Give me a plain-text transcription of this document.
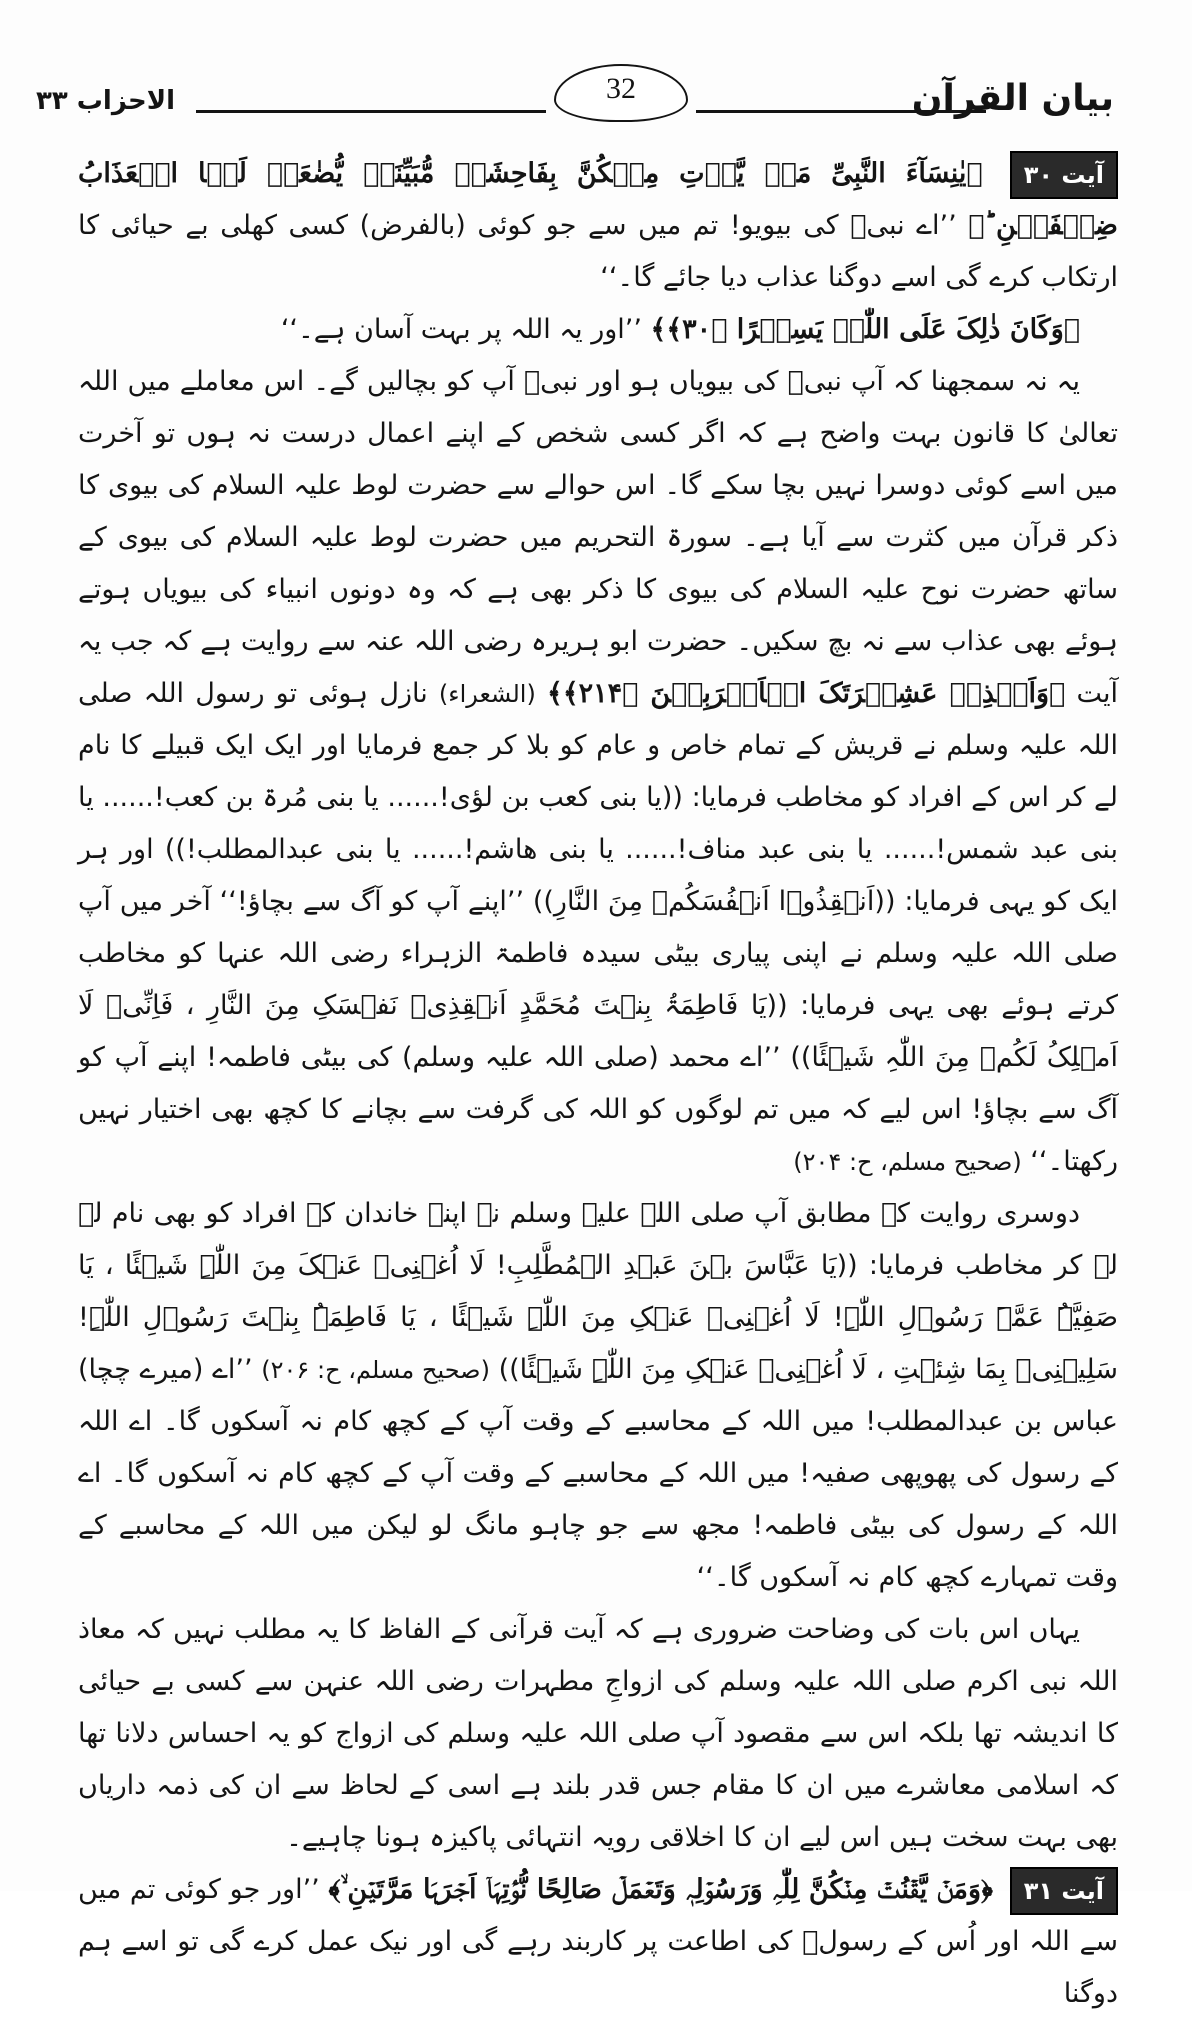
بیان القرآن
32
الاحزاب ۳۳

آیت ۳۰ ﴿یٰنِسَآءَ النَّبِیِّ مَنۡ یَّاۡتِ مِنۡکُنَّ بِفَاحِشَۃٍ مُّبَیِّنَۃٍ یُّضٰعَفۡ لَہَا الۡعَذَابُ ضِعۡفَیۡنِ ؕ﴾ ’’اے نبیؐ کی بیویو! تم میں سے جو کوئی (بالفرض) کسی کھلی بے حیائی کا ارتکاب کرے گی اسے دوگنا عذاب دیا جائے گا۔‘‘

﴿وَکَانَ ذٰلِکَ عَلَی اللّٰہِ یَسِیۡرًا ﴿۳۰﴾﴾ ’’اور یہ اللہ پر بہت آسان ہے۔‘‘

یہ نہ سمجھنا کہ آپ نبیؐ کی بیویاں ہو اور نبیؐ آپ کو بچالیں گے۔ اس معاملے میں اللہ تعالیٰ کا قانون بہت واضح ہے کہ اگر کسی شخص کے اپنے اعمال درست نہ ہوں تو آخرت میں اسے کوئی دوسرا نہیں بچا سکے گا۔ اس حوالے سے حضرت لوط علیہ السلام کی بیوی کا ذکر قرآن میں کثرت سے آیا ہے۔ سورۃ التحریم میں حضرت لوط علیہ السلام کی بیوی کے ساتھ حضرت نوح علیہ السلام کی بیوی کا ذکر بھی ہے کہ وہ دونوں انبیاء کی بیویاں ہوتے ہوئے بھی عذاب سے نہ بچ سکیں۔ حضرت ابو ہریرہ رضی اللہ عنہ سے روایت ہے کہ جب یہ آیت ﴿وَاَنۡذِرۡ عَشِیۡرَتَکَ الۡاَقۡرَبِیۡنَ ﴿۲۱۴﴾﴾ (الشعراء) نازل ہوئی تو رسول اللہ صلی اللہ علیہ وسلم نے قریش کے تمام خاص و عام کو بلا کر جمع فرمایا اور ایک ایک قبیلے کا نام لے کر اس کے افراد کو مخاطب فرمایا: ((یا بنی کعب بن لؤی!...... یا بنی مُرۃ بن کعب!...... یا بنی عبد شمس!...... یا بنی عبد مناف!...... یا بنی ھاشم!...... یا بنی عبدالمطلب!)) اور ہر ایک کو یہی فرمایا: ((اَنۡقِذُوۡا اَنۡفُسَکُمۡ مِنَ النَّارِ)) ’’اپنے آپ کو آگ سے بچاؤ!‘‘ آخر میں آپ صلی اللہ علیہ وسلم نے اپنی پیاری بیٹی سیدہ فاطمۃ الزہراء رضی اللہ عنہا کو مخاطب کرتے ہوئے بھی یہی فرمایا: ((یَا فَاطِمَۃُ بِنۡتَ مُحَمَّدٍ اَنۡقِذِیۡ نَفۡسَکِ مِنَ النَّارِ ، فَاِنِّیۡ لَا اَمۡلِکُ لَکُمۡ مِنَ اللّٰہِ شَیۡئًا)) ’’اے محمد (صلی اللہ علیہ وسلم) کی بیٹی فاطمہ! اپنے آپ کو آگ سے بچاؤ! اس لیے کہ میں تم لوگوں کو اللہ کی گرفت سے بچانے کا کچھ بھی اختیار نہیں رکھتا۔‘‘ (صحیح مسلم، ح: ۲۰۴)

دوسری روایت کے مطابق آپ صلی اللہ علیہ وسلم نے اپنے خاندان کے افراد کو بھی نام لے لے کر مخاطب فرمایا: ((یَا عَبَّاسَ بۡنَ عَبۡدِ الۡمُطَّلِبِ! لَا اُغۡنِیۡ عَنۡکَ مِنَ اللّٰہِ شَیۡئًا ، یَا صَفِیَّۃُ عَمَّۃَ رَسُوۡلِ اللّٰہِ! لَا اُغۡنِیۡ عَنۡکِ مِنَ اللّٰہِ شَیۡئًا ، یَا فَاطِمَۃُ بِنۡتَ رَسُوۡلِ اللّٰہِ! سَلِیۡنِیۡ بِمَا شِئۡتِ ، لَا اُغۡنِیۡ عَنۡکِ مِنَ اللّٰہِ شَیۡئًا)) (صحیح مسلم، ح: ۲۰۶) ’’اے (میرے چچا) عباس بن عبدالمطلب! میں اللہ کے محاسبے کے وقت آپ کے کچھ کام نہ آسکوں گا۔ اے اللہ کے رسول کی پھوپھی صفیہ! میں اللہ کے محاسبے کے وقت آپ کے کچھ کام نہ آسکوں گا۔ اے اللہ کے رسول کی بیٹی فاطمہ! مجھ سے جو چاہو مانگ لو لیکن میں اللہ کے محاسبے کے وقت تمہارے کچھ کام نہ آسکوں گا۔‘‘

یہاں اس بات کی وضاحت ضروری ہے کہ آیت قرآنی کے الفاظ کا یہ مطلب نہیں کہ معاذ اللہ نبی اکرم صلی اللہ علیہ وسلم کی ازواجِ مطہرات رضی اللہ عنہن سے کسی بے حیائی کا اندیشہ تھا بلکہ اس سے مقصود آپ صلی اللہ علیہ وسلم کی ازواج کو یہ احساس دلانا تھا کہ اسلامی معاشرے میں ان کا مقام جس قدر بلند ہے اسی کے لحاظ سے ان کی ذمہ داریاں بھی بہت سخت ہیں اس لیے ان کا اخلاقی رویہ انتہائی پاکیزہ ہونا چاہیے۔

آیت ۳۱ ﴿وَمَنۡ یَّقۡنُتۡ مِنۡکُنَّ لِلّٰہِ وَرَسُوۡلِہٖ وَتَعۡمَلۡ صَالِحًا نُّؤۡتِہَاۤ اَجۡرَہَا مَرَّتَیۡنِ ۙ﴾ ’’اور جو کوئی تم میں سے اللہ اور اُس کے رسولؐ کی اطاعت پر کاربند رہے گی اور نیک عمل کرے گی تو اسے ہم دوگنا
